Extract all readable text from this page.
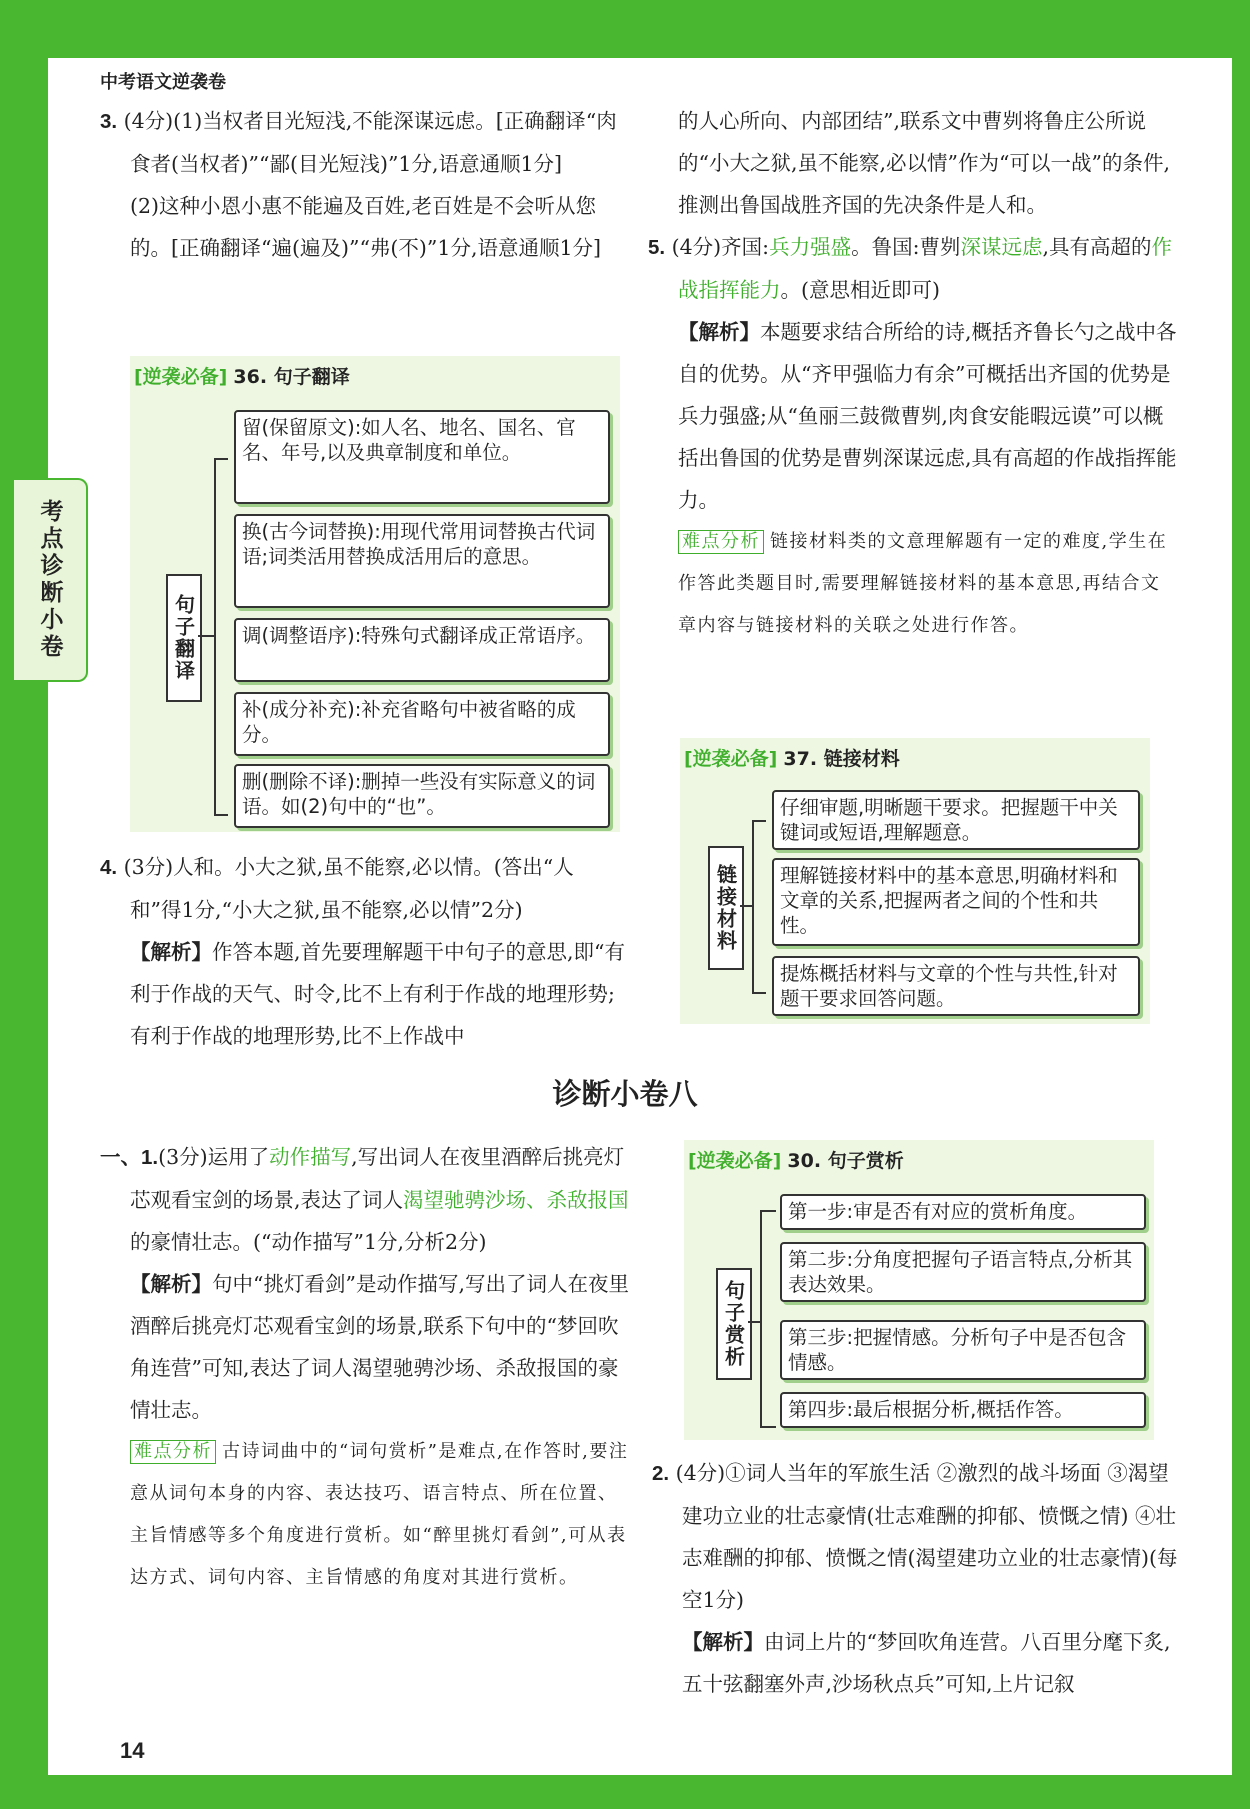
考点诊断小卷
中考语文逆袭卷

3. (4分)(1)当权者目光短浅,不能深谋远虑。[正确翻译“肉食者(当权者)”“鄙(目光短浅)”1分,语意通顺1分]

(2)这种小恩小惠不能遍及百姓,老百姓是不会听从您的。[正确翻译“遍(遍及)”“弗(不)”1分,语意通顺1分]

[逆袭必备] 36. 句子翻译
句子翻译
留(保留原文):如人名、地名、国名、官名、年号,以及典章制度和单位。
换(古今词替换):用现代常用词替换古代词语;词类活用替换成活用后的意思。
调(调整语序):特殊句式翻译成正常语序。
补(成分补充):补充省略句中被省略的成分。
删(删除不译):删掉一些没有实际意义的词语。如(2)句中的“也”。

4. (3分)人和。小大之狱,虽不能察,必以情。(答出“人和”得1分,“小大之狱,虽不能察,必以情”2分)

【解析】作答本题,首先要理解题干中句子的意思,即“有利于作战的天气、时令,比不上有利于作战的地理形势;有利于作战的地理形势,比不上作战中

的人心所向、内部团结”,联系文中曹刿将鲁庄公所说的“小大之狱,虽不能察,必以情”作为“可以一战”的条件,推测出鲁国战胜齐国的先决条件是人和。

5. (4分)齐国:兵力强盛。鲁国:曹刿深谋远虑,具有高超的作战指挥能力。(意思相近即可)

【解析】本题要求结合所给的诗,概括齐鲁长勺之战中各自的优势。从“齐甲强临力有余”可概括出齐国的优势是兵力强盛;从“鱼丽三鼓微曹刿,肉食安能暇远谟”可以概括出鲁国的优势是曹刿深谋远虑,具有高超的作战指挥能力。

难点分析 链接材料类的文意理解题有一定的难度,学生在作答此类题目时,需要理解链接材料的基本意思,再结合文章内容与链接材料的关联之处进行作答。

[逆袭必备] 37. 链接材料
链接材料
仔细审题,明晰题干要求。把握题干中关键词或短语,理解题意。
理解链接材料中的基本意思,明确材料和文章的关系,把握两者之间的个性和共性。
提炼概括材料与文章的个性与共性,针对题干要求回答问题。
诊断小卷八

一、1.(3分)运用了动作描写,写出词人在夜里酒醉后挑亮灯芯观看宝剑的场景,表达了词人渴望驰骋沙场、杀敌报国的豪情壮志。(“动作描写”1分,分析2分)

【解析】句中“挑灯看剑”是动作描写,写出了词人在夜里酒醉后挑亮灯芯观看宝剑的场景,联系下句中的“梦回吹角连营”可知,表达了词人渴望驰骋沙场、杀敌报国的豪情壮志。

难点分析 古诗词曲中的“词句赏析”是难点,在作答时,要注意从词句本身的内容、表达技巧、语言特点、所在位置、主旨情感等多个角度进行赏析。如“醉里挑灯看剑”,可从表达方式、词句内容、主旨情感的角度对其进行赏析。

[逆袭必备] 30. 句子赏析
句子赏析
第一步:审是否有对应的赏析角度。
第二步:分角度把握句子语言特点,分析其表达效果。
第三步:把握情感。分析句子中是否包含情感。
第四步:最后根据分析,概括作答。

2. (4分)①词人当年的军旅生活 ②激烈的战斗场面 ③渴望建功立业的壮志豪情(壮志难酬的抑郁、愤慨之情) ④壮志难酬的抑郁、愤慨之情(渴望建功立业的壮志豪情)(每空1分)

【解析】由词上片的“梦回吹角连营。八百里分麾下炙,五十弦翻塞外声,沙场秋点兵”可知,上片记叙

14
